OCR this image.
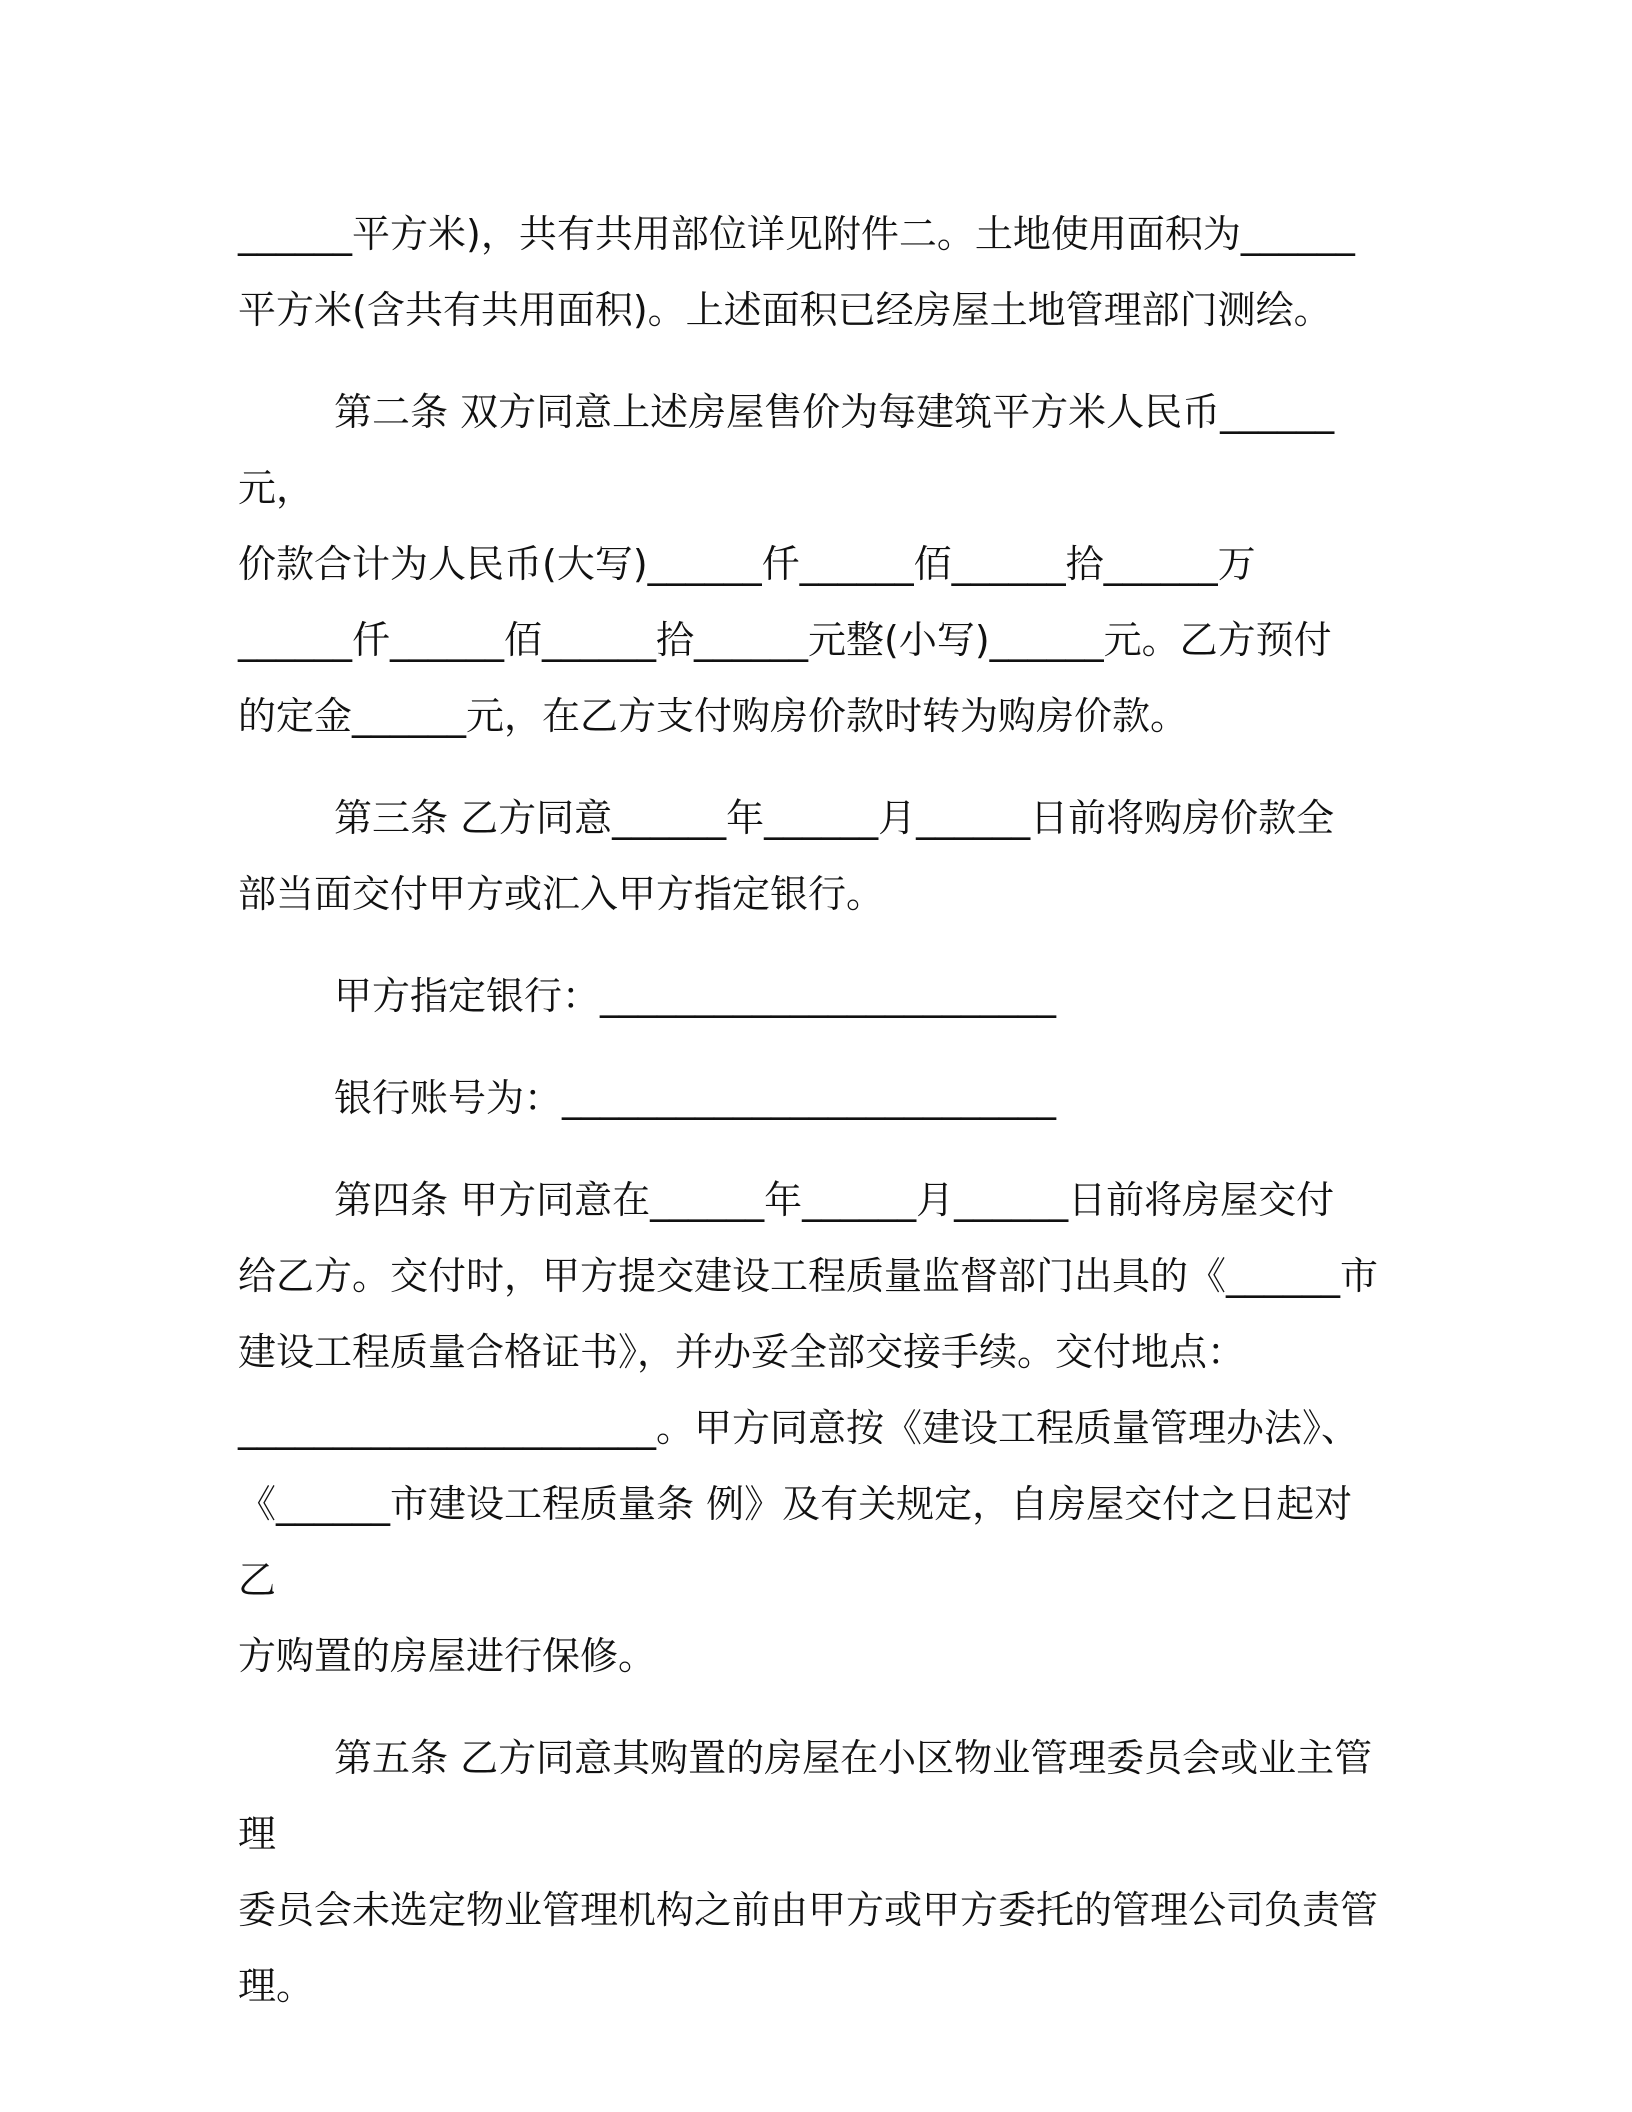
______平方米)，共有共用部位详见附件二。土地使用面积为______
平方米(含共有共用面积)。上述面积已经房屋土地管理部门测绘。

第二条 双方同意上述房屋售价为每建筑平方米人民币______元，
价款合计为人民币(大写)______仟______佰______拾______万
______仟______佰______拾______元整(小写)______元。乙方预付
的定金______元，在乙方支付购房价款时转为购房价款。

第三条 乙方同意______年______月______日前将购房价款全
部当面交付甲方或汇入甲方指定银行。

甲方指定银行：________________________

银行账号为：__________________________

第四条 甲方同意在______年______月______日前将房屋交付
给乙方。交付时，甲方提交建设工程质量监督部门出具的《______市
建设工程质量合格证书》，并办妥全部交接手续。交付地点：
______________________。甲方同意按《建设工程质量管理办法》、
《______市建设工程质量条 例》及有关规定，自房屋交付之日起对乙
方购置的房屋进行保修。

第五条 乙方同意其购置的房屋在小区物业管理委员会或业主管理
委员会未选定物业管理机构之前由甲方或甲方委托的管理公司负责管
理。
